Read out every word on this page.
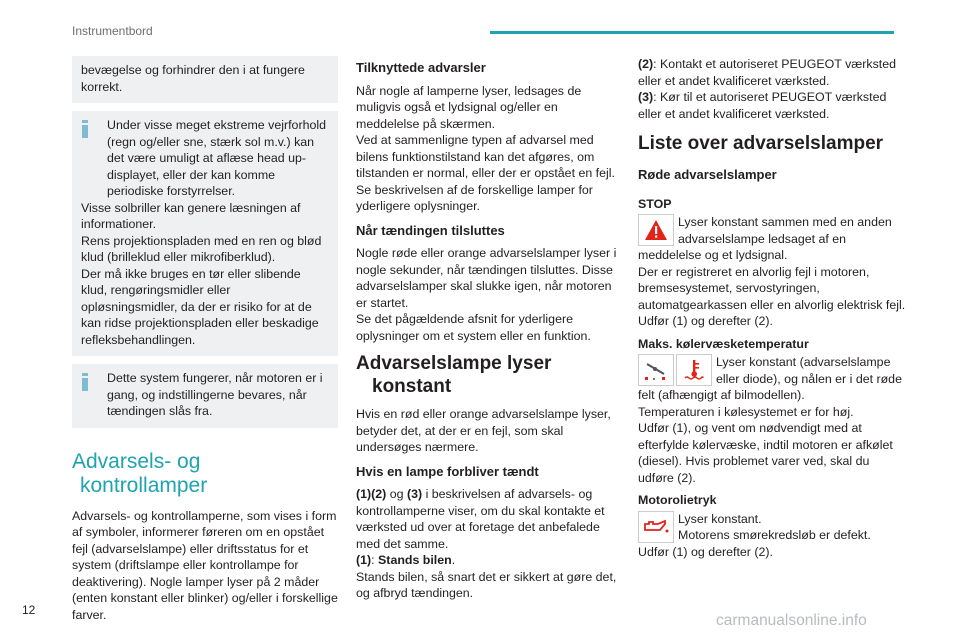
Instrumentbord

bevægelse og forhindrer den i at fungere korrekt.

Under visse meget ekstreme vejrforhold (regn og/eller sne, stærk sol m.v.) kan det være umuligt at aflæse head up-displayet, eller der kan komme periodiske forstyrrelser.
Visse solbriller kan genere læsningen af informationer.
Rens projektionspladen med en ren og blød klud (brilleklud eller mikrofiberklud).
Der må ikke bruges en tør eller slibende klud, rengøringsmidler eller opløsningsmidler, da der er risiko for at de kan ridse projektionspladen eller beskadige refleksbehandlingen.
Dette system fungerer, når motoren er i gang, og indstillingerne bevares, når tændingen slås fra.
Advarsels- og
kontrollamper

Advarsels- og kontrollamperne, som vises i form af symboler, informerer føreren om en opstået fejl (advarselslampe) eller driftsstatus for et system (driftslampe eller kontrollampe for deaktivering). Nogle lamper lyser på 2 måder (enten konstant eller blinker) og/eller i forskellige farver.

Tilknyttede advarsler
Når nogle af lamperne lyser, ledsages de muligvis også et lydsignal og/eller en meddelelse på skærmen.
Ved at sammenligne typen af advarsel med bilens funktionstilstand kan det afgøres, om tilstanden er normal, eller der er opstået en fejl.

Se beskrivelsen af de forskellige lamper for yderligere oplysninger.

Når tændingen tilsluttes
Nogle røde eller orange advarselslamper lyser i nogle sekunder, når tændingen tilsluttes. Disse advarselslamper skal slukke igen, når motoren er startet.

Se det pågældende afsnit for yderligere oplysninger om et system eller en funktion.

Advarselslampe lyser
konstant

Hvis en rød eller orange advarselslampe lyser, betyder det, at der er en fejl, som skal undersøges nærmere.

Hvis en lampe forbliver tændt

(1)(2) og (3) i beskrivelsen af advarsels- og kontrollamperne viser, om du skal kontakte et værksted ud over at foretage det anbefalede med det samme.

(1): Stands bilen.
Stands bilen, så snart det er sikkert at gøre det, og afbryd tændingen.
(2): Kontakt et autoriseret PEUGEOT værksted eller et andet kvalificeret værksted.
(3): Kør til et autoriseret PEUGEOT værksted eller et andet kvalificeret værksted.
Liste over advarselslamper
Røde advarselslamper
STOP
Lyser konstant sammen med en anden advarselslampe ledsaget af en meddelelse og et lydsignal.
Der er registreret en alvorlig fejl i motoren, bremsesystemet, servostyringen, automatgearkassen eller en alvorlig elektrisk fejl.
Udfør (1) og derefter (2).
Maks. kølervæsketemperatur
Lyser konstant (advarselslampe eller diode), og nålen er i det røde felt (afhængigt af bilmodellen).
Temperaturen i kølesystemet er for høj.
Udfør (1), og vent om nødvendigt med at efterfylde kølervæske, indtil motoren er afkølet (diesel). Hvis problemet varer ved, skal du udføre (2).
Motorolietryk
Lyser konstant.
Motorens smørekredsløb er defekt.
Udfør (1) og derefter (2).
12
carmanualsonline.info
